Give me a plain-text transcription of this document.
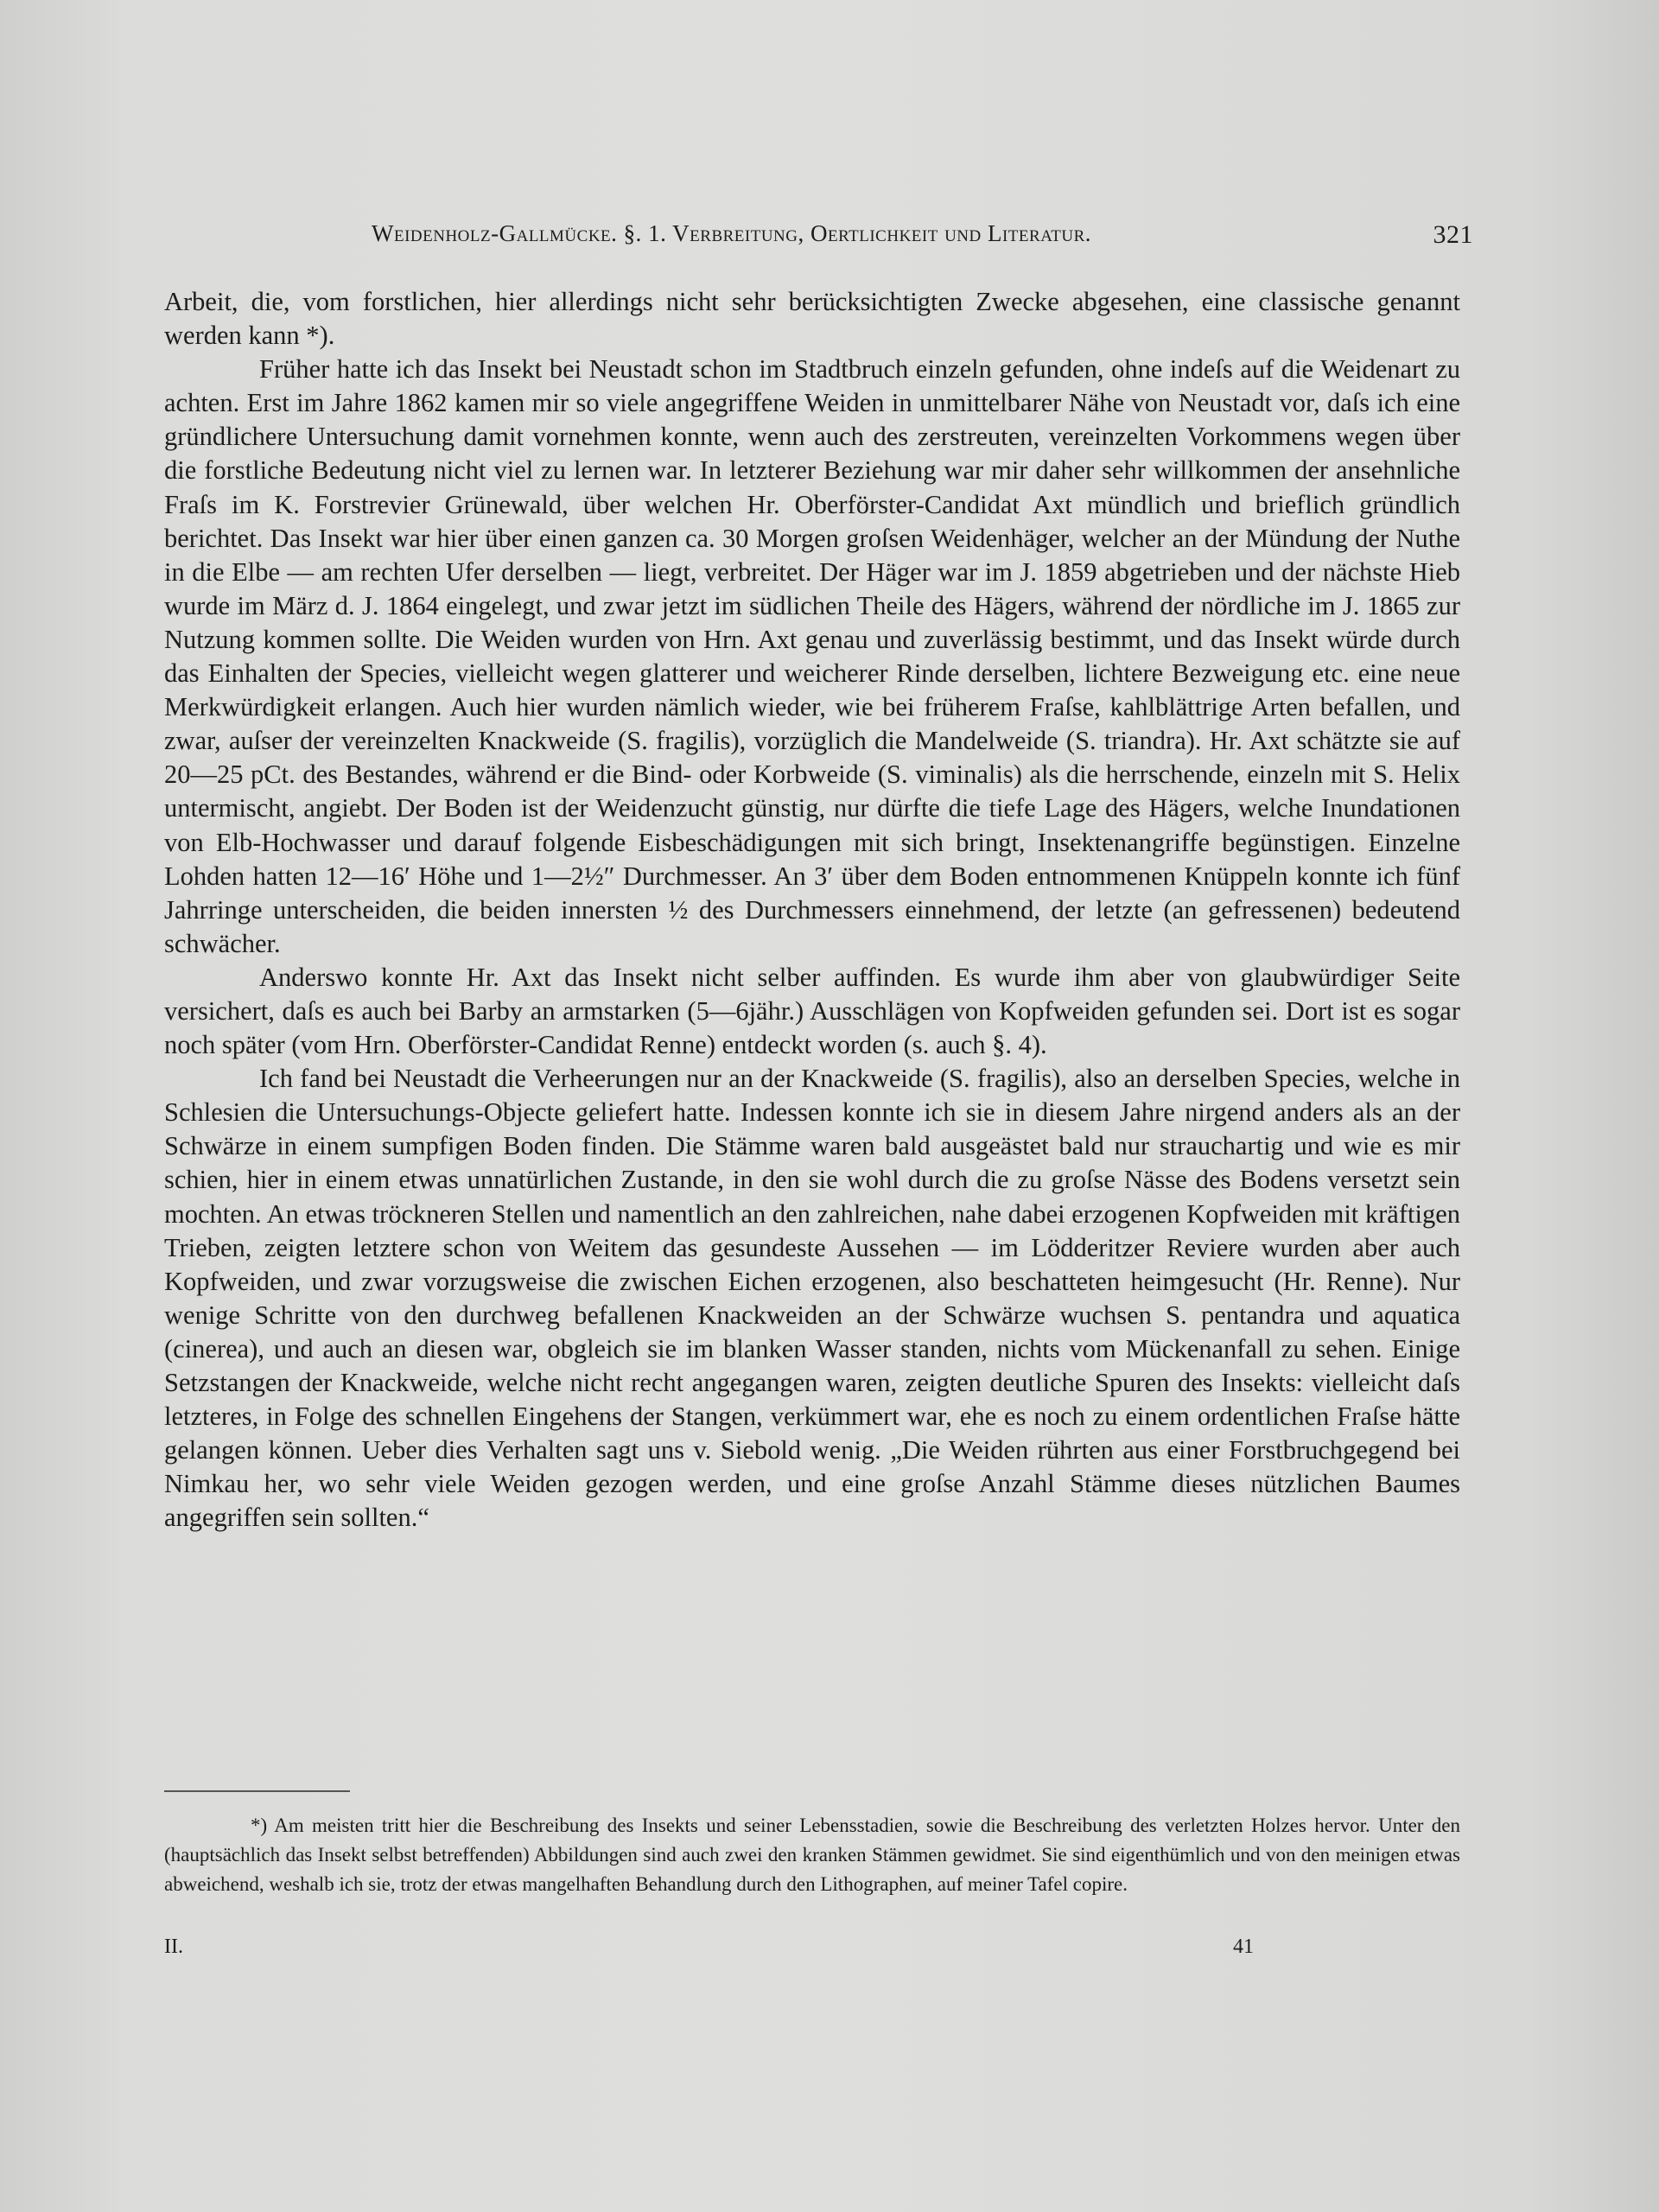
Weidenholz-Gallmücke. §. 1. Verbreitung, Oertlichkeit und Literatur.	321

Arbeit, die, vom forstlichen, hier allerdings nicht sehr berücksichtigten Zwecke abgesehen, eine classische genannt werden kann *).

Früher hatte ich das Insekt bei Neustadt schon im Stadtbruch einzeln gefunden, ohne indeſs auf die Weidenart zu achten. Erst im Jahre 1862 kamen mir so viele angegriffene Weiden in unmittelbarer Nähe von Neustadt vor, daſs ich eine gründlichere Untersuchung damit vornehmen konnte, wenn auch des zerstreuten, vereinzelten Vorkommens wegen über die forstliche Bedeutung nicht viel zu lernen war. In letzterer Beziehung war mir daher sehr willkommen der ansehnliche Fraſs im K. Forstrevier Grünewald, über welchen Hr. Oberförster-Candidat Axt mündlich und brieflich gründlich berichtet. Das Insekt war hier über einen ganzen ca. 30 Morgen groſsen Weidenhäger, welcher an der Mündung der Nuthe in die Elbe — am rechten Ufer derselben — liegt, verbreitet. Der Häger war im J. 1859 abgetrieben und der nächste Hieb wurde im März d. J. 1864 eingelegt, und zwar jetzt im südlichen Theile des Hägers, während der nördliche im J. 1865 zur Nutzung kommen sollte. Die Weiden wurden von Hrn. Axt genau und zuverlässig bestimmt, und das Insekt würde durch das Einhalten der Species, vielleicht wegen glatterer und weicherer Rinde derselben, lichtere Bezweigung etc. eine neue Merkwürdigkeit erlangen. Auch hier wurden nämlich wieder, wie bei früherem Fraſse, kahlblättrige Arten befallen, und zwar, auſser der vereinzelten Knackweide (S. fragilis), vorzüglich die Mandelweide (S. triandra). Hr. Axt schätzte sie auf 20—25 pCt. des Bestandes, während er die Bind- oder Korbweide (S. viminalis) als die herrschende, einzeln mit S. Helix untermischt, angiebt. Der Boden ist der Weidenzucht günstig, nur dürfte die tiefe Lage des Hägers, welche Inundationen von Elb-Hochwasser und darauf folgende Eisbeschädigungen mit sich bringt, Insektenangriffe begünstigen. Einzelne Lohden hatten 12—16′ Höhe und 1—2½″ Durchmesser. An 3′ über dem Boden entnommenen Knüppeln konnte ich fünf Jahrringe unterscheiden, die beiden innersten ½ des Durchmessers einnehmend, der letzte (an gefressenen) bedeutend schwächer.

Anderswo konnte Hr. Axt das Insekt nicht selber auffinden. Es wurde ihm aber von glaubwürdiger Seite versichert, daſs es auch bei Barby an armstarken (5—6jähr.) Ausschlägen von Kopfweiden gefunden sei. Dort ist es sogar noch später (vom Hrn. Oberförster-Candidat Renne) entdeckt worden (s. auch §. 4).

Ich fand bei Neustadt die Verheerungen nur an der Knackweide (S. fragilis), also an derselben Species, welche in Schlesien die Untersuchungs-Objecte geliefert hatte. Indessen konnte ich sie in diesem Jahre nirgend anders als an der Schwärze in einem sumpfigen Boden finden. Die Stämme waren bald ausgeästet bald nur strauchartig und wie es mir schien, hier in einem etwas unnatürlichen Zustande, in den sie wohl durch die zu groſse Nässe des Bodens versetzt sein mochten. An etwas tröckneren Stellen und namentlich an den zahlreichen, nahe dabei erzogenen Kopfweiden mit kräftigen Trieben, zeigten letztere schon von Weitem das gesundeste Aussehen — im Lödderitzer Reviere wurden aber auch Kopfweiden, und zwar vorzugsweise die zwischen Eichen erzogenen, also beschatteten heimgesucht (Hr. Renne). Nur wenige Schritte von den durchweg befallenen Knackweiden an der Schwärze wuchsen S. pentandra und aquatica (cinerea), und auch an diesen war, obgleich sie im blanken Wasser standen, nichts vom Mückenanfall zu sehen. Einige Setzstangen der Knackweide, welche nicht recht angegangen waren, zeigten deutliche Spuren des Insekts: vielleicht daſs letzteres, in Folge des schnellen Eingehens der Stangen, verkümmert war, ehe es noch zu einem ordentlichen Fraſse hätte gelangen können. Ueber dies Verhalten sagt uns v. Siebold wenig. „Die Weiden rührten aus einer Forstbruchgegend bei Nimkau her, wo sehr viele Weiden gezogen werden, und eine groſse Anzahl Stämme dieses nützlichen Baumes angegriffen sein sollten.“

*) Am meisten tritt hier die Beschreibung des Insekts und seiner Lebensstadien, sowie die Beschreibung des verletzten Holzes hervor. Unter den (hauptsächlich das Insekt selbst betreffenden) Abbildungen sind auch zwei den kranken Stämmen gewidmet. Sie sind eigenthümlich und von den meinigen etwas abweichend, weshalb ich sie, trotz der etwas mangelhaften Behandlung durch den Lithographen, auf meiner Tafel copire.

II.	41
